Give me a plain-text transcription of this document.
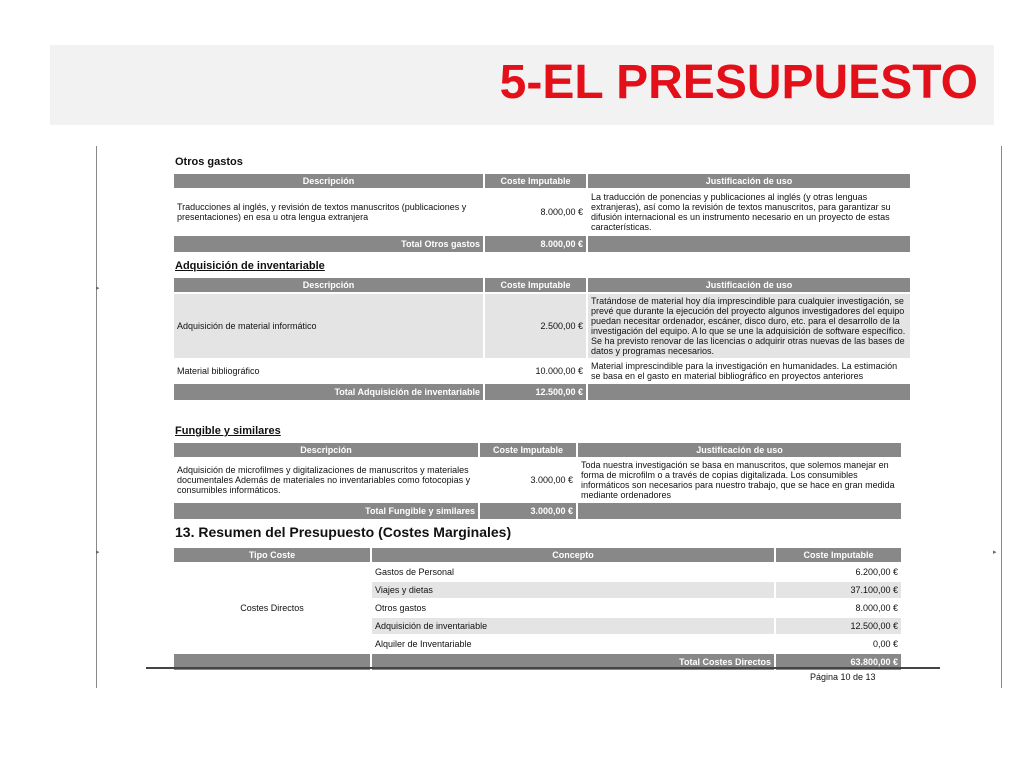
5-EL PRESUPUESTO
▸
▸	▸
Otros gastos
Descripción	Coste Imputable	Justificación de uso
Traducciones al inglés, y revisión de textos manuscritos (publicaciones y presentaciones) en esa u otra lengua extranjera	8.000,00 €	La traducción de ponencias y publicaciones al inglés (y otras lenguas extranjeras), así como la revisión de textos manuscritos, para garantizar su difusión internacional es un instrumento necesario en un proyecto de estas características.
Total Otros gastos	8.000,00 €	
Adquisición de inventariable
Descripción	Coste Imputable	Justificación de uso
Adquisición de material informático	2.500,00 €	Tratándose de material hoy día imprescindible para cualquier investigación, se prevé que durante la ejecución del proyecto algunos investigadores del equipo puedan necesitar ordenador, escáner, disco duro, etc. para el desarrollo de la investigación del equipo. A lo que se une la adquisición de software específico. Se ha previsto renovar de las licencias o adquirir otras nuevas de las bases de datos y programas necesarios.
Material bibliográfico	10.000,00 €	Material imprescindible para la investigación en humanidades. La estimación se basa en el gasto en material bibliográfico en proyectos anteriores
Total Adquisición de inventariable	12.500,00 €	
Fungible y similares
Descripción	Coste Imputable	Justificación de uso
Adquisición de microfilmes y digitalizaciones de manuscritos y materiales documentales Además de materiales no inventariables como fotocopias y consumibles informáticos.	3.000,00 €	Toda nuestra investigación se basa en manuscritos, que solemos manejar en forma de microfilm o a través de copias digitalizada. Los consumibles informáticos son necesarios para nuestro trabajo, que se hace en gran medida mediante ordenadores
Total Fungible y similares	3.000,00 €	
13. Resumen del Presupuesto (Costes Marginales)
Tipo Coste	Concepto	Coste Imputable
Costes Directos	Gastos de Personal	6.200,00 €
	Viajes y dietas	37.100,00 €
	Otros gastos	8.000,00 €
	Adquisición de inventariable	12.500,00 €
	Alquiler de Inventariable	0,00 €
	Total Costes Directos	63.800,00 €
Página 10 de 13
